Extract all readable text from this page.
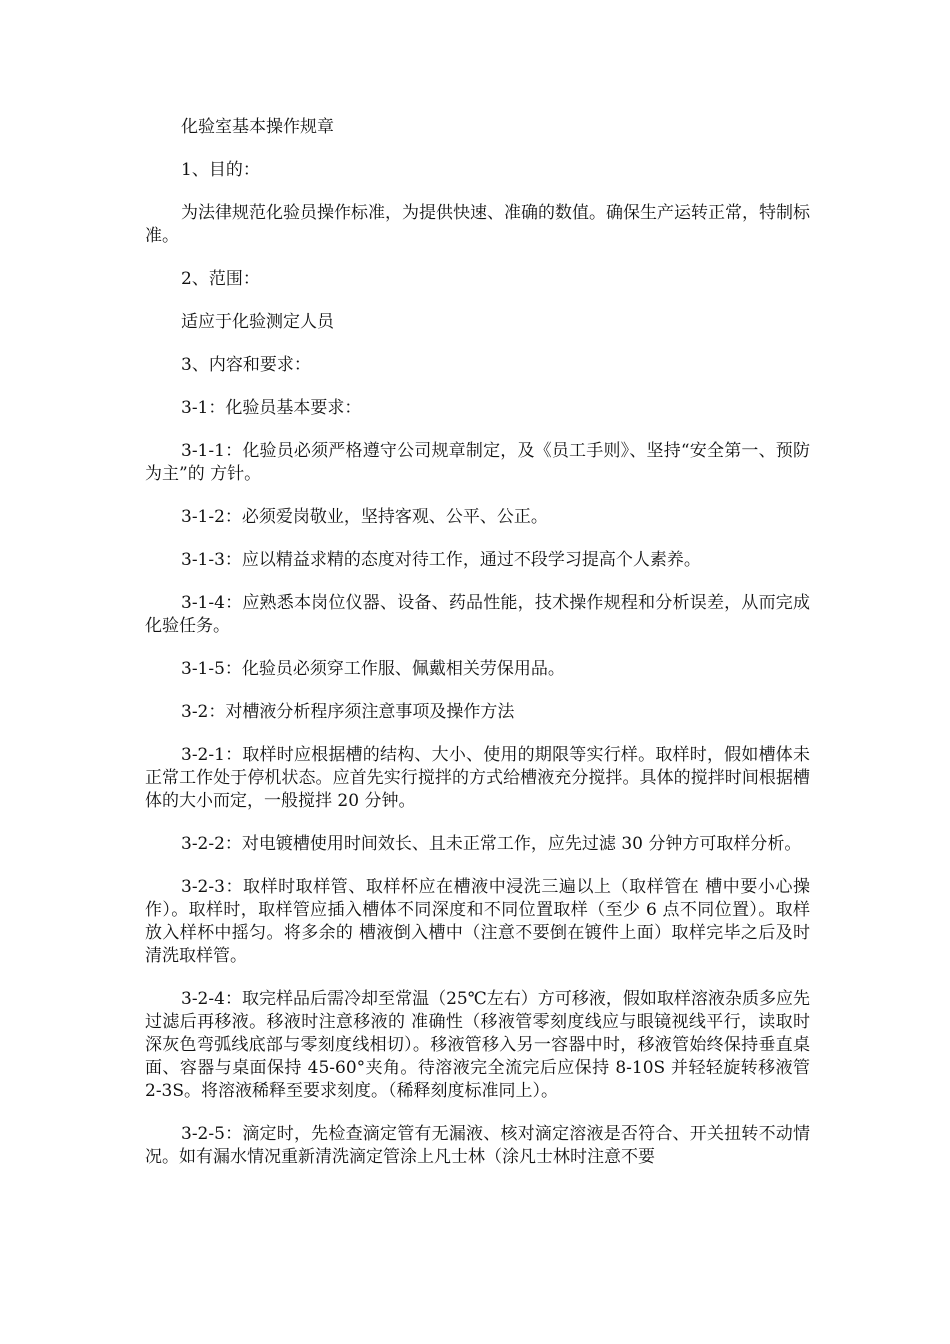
化验室基本操作规章

1、目的：

为法律规范化验员操作标准，为提供快速、准确的数值。确保生产运转正常，特制标准。

2、范围：

适应于化验测定人员

3、内容和要求：

3-1：化验员基本要求：

3-1-1：化验员必须严格遵守公司规章制定，及《员工手则》、坚持“安全第一、预防为主”的 方针。

3-1-2：必须爱岗敬业，坚持客观、公平、公正。

3-1-3：应以精益求精的态度对待工作，通过不段学习提高个人素养。

3-1-4：应熟悉本岗位仪器、设备、药品性能，技术操作规程和分析误差，从而完成化验任务。

3-1-5：化验员必须穿工作服、佩戴相关劳保用品。

3-2：对槽液分析程序须注意事项及操作方法

3-2-1：取样时应根据槽的结构、大小、使用的期限等实行样。取样时，假如槽体未正常工作处于停机状态。应首先实行搅拌的方式给槽液充分搅拌。具体的搅拌时间根据槽体的大小而定，一般搅拌 20 分钟。

3-2-2：对电镀槽使用时间效长、且未正常工作，应先过滤 30 分钟方可取样分析。

3-2-3：取样时取样管、取样杯应在槽液中浸洗三遍以上（取样管在 槽中要小心操作）。取样时，取样管应插入槽体不同深度和不同位置取样（至少 6 点不同位置）。取样放入样杯中摇匀。将多余的 槽液倒入槽中（注意不要倒在镀件上面）取样完毕之后及时清洗取样管。

3-2-4：取完样品后需冷却至常温（25℃左右）方可移液，假如取样溶液杂质多应先过滤后再移液。移液时注意移液的 准确性（移液管零刻度线应与眼镜视线平行，读取时深灰色弯弧线底部与零刻度线相切）。移液管移入另一容器中时，移液管始终保持垂直桌面、容器与桌面保持 45-60°夹角。待溶液完全流完后应保持 8-10S 并轻轻旋转移液管 2-3S。将溶液稀释至要求刻度。（稀释刻度标准同上）。

3-2-5：滴定时，先检查滴定管有无漏液、核对滴定溶液是否符合、开关扭转不动情况。如有漏水情况重新清洗滴定管涂上凡士林（涂凡士林时注意不要
